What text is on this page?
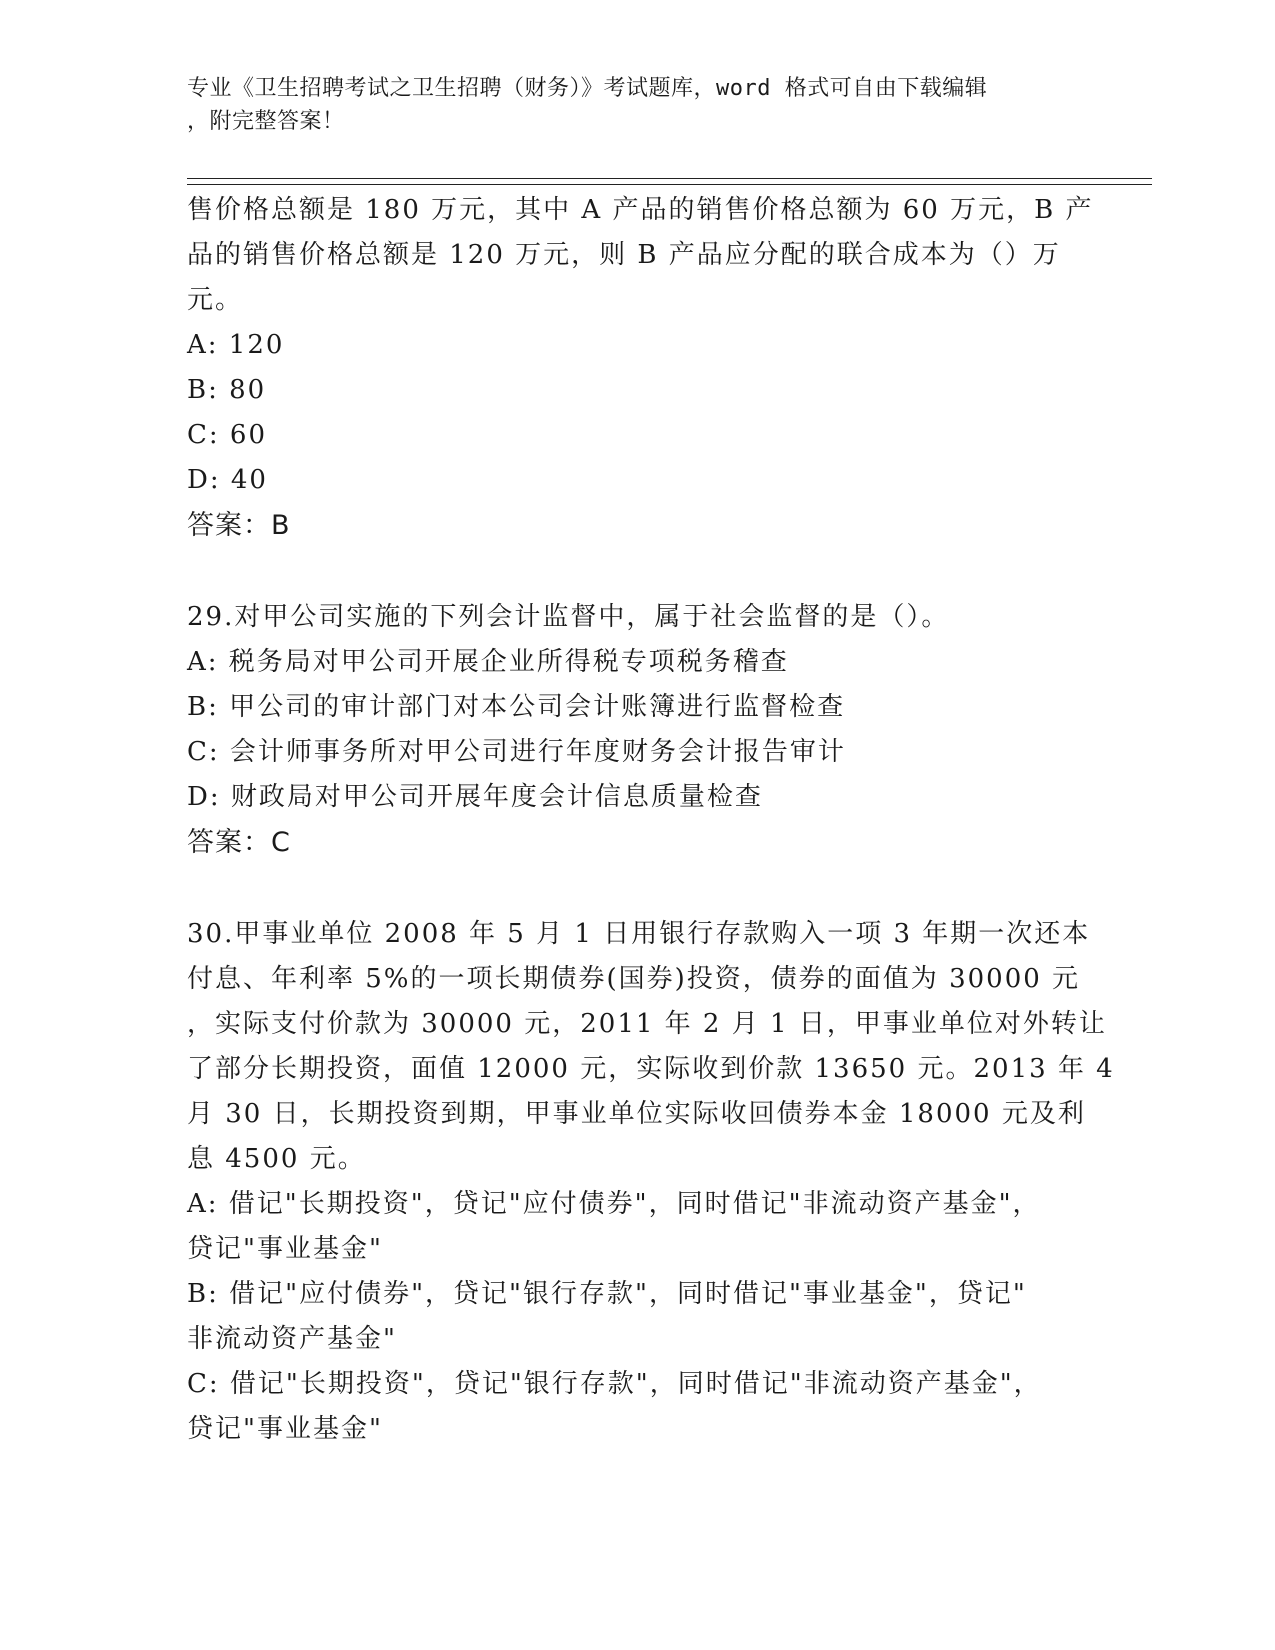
专业《卫生招聘考试之卫生招聘（财务）》考试题库，word 格式可自由下载编辑
，附完整答案！
售价格总额是 180 万元，其中 A 产品的销售价格总额为 60 万元，B 产
品的销售价格总额是 120 万元，则 B 产品应分配的联合成本为（）万
元。
A: 120
B: 80
C: 60
D: 40
答案：B
29.对甲公司实施的下列会计监督中，属于社会监督的是（）。
A: 税务局对甲公司开展企业所得税专项税务稽查
B: 甲公司的审计部门对本公司会计账簿进行监督检查
C: 会计师事务所对甲公司进行年度财务会计报告审计
D: 财政局对甲公司开展年度会计信息质量检查
答案：C
30.甲事业单位 2008 年 5 月 1 日用银行存款购入一项 3 年期一次还本
付息、年利率 5%的一项长期债券(国券)投资，债券的面值为 30000 元
，实际支付价款为 30000 元，2011 年 2 月 1 日，甲事业单位对外转让
了部分长期投资，面值 12000 元，实际收到价款 13650 元。2013 年 4
月 30 日，长期投资到期，甲事业单位实际收回债券本金 18000 元及利
息 4500 元。
A: 借记"长期投资"，贷记"应付债券"，同时借记"非流动资产基金"，
贷记"事业基金"
B: 借记"应付债券"，贷记"银行存款"，同时借记"事业基金"，贷记"
非流动资产基金"
C: 借记"长期投资"，贷记"银行存款"，同时借记"非流动资产基金"，
贷记"事业基金"
